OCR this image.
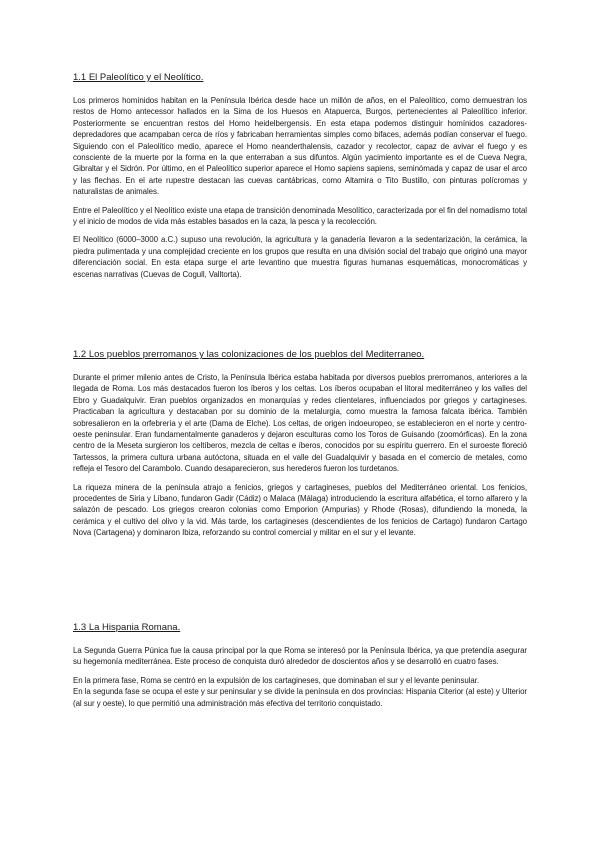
1.1 El Paleolítico y el Neolítico.

Los primeros homínidos habitan en la Península Ibérica desde hace un millón de años, en el Paleolítico, como demuestran los restos de Homo antecessor hallados en la Sima de los Huesos en Atapuerca, Burgos, pertenecientes al Paleolítico inferior. Posteriormente se encuentran restos del Homo heidelbergensis. En esta etapa podemos distinguir homínidos cazadores-depredadores que acampaban cerca de ríos y fabricaban herramientas simples como bifaces, además podían conservar el fuego. Siguiendo con el Paleolítico medio, aparece el Homo neanderthalensis, cazador y recolector, capaz de avivar el fuego y es consciente de la muerte por la forma en la que enterraban a sus difuntos. Algún yacimiento importante es el de Cueva Negra, Gibraltar y el Sidrón. Por último, en el Paleolítico superior aparece el Homo sapiens sapiens, seminómada y capaz de usar el arco y las flechas. En el arte rupestre destacan las cuevas cantábricas, como Altamira o Tito Bustillo, con pinturas polícromas y naturalistas de animales.

Entre el Paleolítico y el Neolítico existe una etapa de transición denominada Mesolítico, caracterizada por el fin del nomadismo total y el inicio de modos de vida más estables basados en la caza, la pesca y la recolección.

El Neolítico (6000–3000 a.C.) supuso una revolución, la agricultura y la ganadería llevaron a la sedentarización, la cerámica, la piedra pulimentada y una complejidad creciente en los grupos que resulta en una división social del trabajo que originó una mayor diferenciación social. En esta etapa surge el arte levantino que muestra figuras humanas esquemáticas, monocromáticas y escenas narrativas (Cuevas de Cogull, Valltorta).

1.2 Los pueblos prerromanos y las colonizaciones de los pueblos del Mediterraneo.

Durante el primer milenio antes de Cristo, la Península Ibérica estaba habitada por diversos pueblos prerromanos, anteriores a la llegada de Roma. Los más destacados fueron los íberos y los celtas. Los íberos ocupaban el litoral mediterráneo y los valles del Ebro y Guadalquivir. Eran pueblos organizados en monarquías y redes clientelares, influenciados por griegos y cartagineses. Practicaban la agricultura y destacaban por su dominio de la metalurgia, como muestra la famosa falcata ibérica. También sobresalieron en la orfebrería y el arte (Dama de Elche). Los celtas, de origen indoeuropeo, se establecieron en el norte y centro-oeste peninsular. Eran fundamentalmente ganaderos y dejaron esculturas como los Toros de Guisando (zoomórficas). En la zona centro de la Meseta surgieron los celtíberos, mezcla de celtas e íberos, conocidos por su espíritu guerrero. En el suroeste floreció Tartessos, la primera cultura urbana autóctona, situada en el valle del Guadalquivir y basada en el comercio de metales, como refleja el Tesoro del Carambolo. Cuando desaparecieron, sus herederos fueron los turdetanos.

La riqueza minera de la península atrajo a fenicios, griegos y cartagineses, pueblos del Mediterráneo oriental. Los fenicios, procedentes de Siria y Líbano, fundaron Gadir (Cádiz) o Malaca (Málaga) introduciendo la escritura alfabética, el torno alfarero y la salazón de pescado. Los griegos crearon colonias como Emporion (Ampurias) y Rhode (Rosas), difundiendo la moneda, la cerámica y el cultivo del olivo y la vid. Más tarde, los cartagineses (descendientes de los fenicios de Cartago) fundaron Cartago Nova (Cartagena) y dominaron Ibiza, reforzando su control comercial y militar en el sur y el levante.

1.3 La Hispania Romana.

La Segunda Guerra Púnica fue la causa principal por la que Roma se interesó por la Península Ibérica, ya que pretendía asegurar su hegemonía mediterránea. Este proceso de conquista duró alrededor de doscientos años y se desarrolló en cuatro fases.

En la primera fase, Roma se centró en la expulsión de los cartagineses, que dominaban el sur y el levante peninsular.

En la segunda fase se ocupa el este y sur peninsular y se divide la península en dos provincias: Hispania Citerior (al este) y Ulterior (al sur y oeste), lo que permitió una administración más efectiva del territorio conquistado.
